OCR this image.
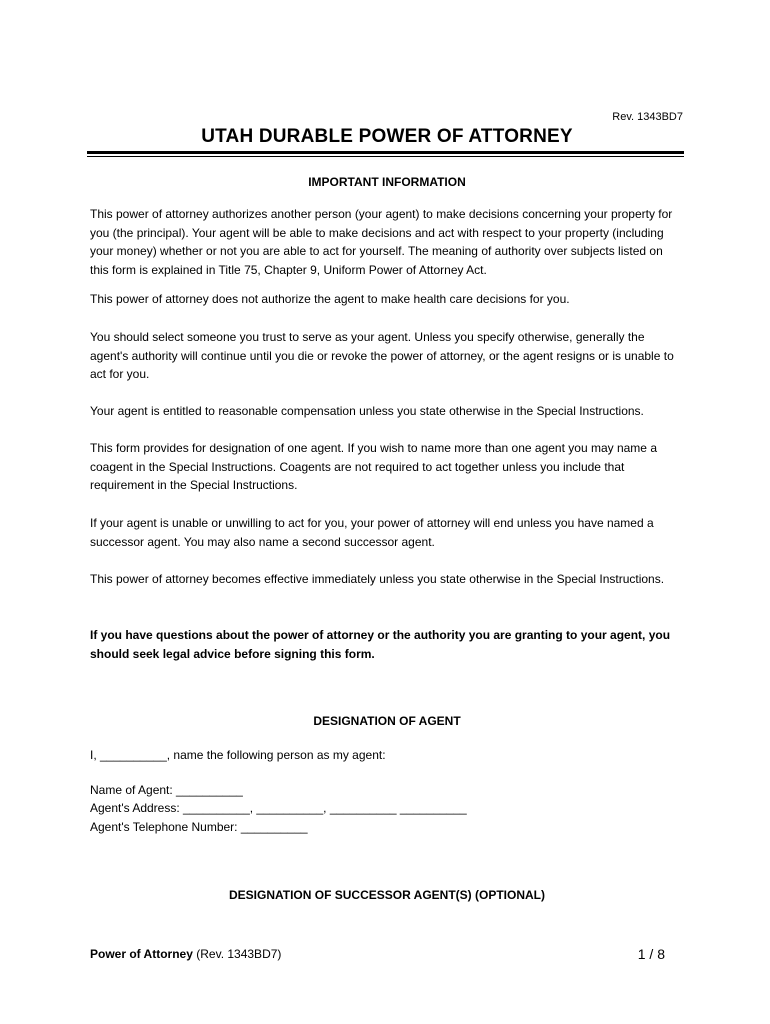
Rev. 1343BD7
UTAH DURABLE POWER OF ATTORNEY
IMPORTANT INFORMATION
This power of attorney authorizes another person (your agent) to make decisions concerning your property for you (the principal). Your agent will be able to make decisions and act with respect to your property (including your money) whether or not you are able to act for yourself. The meaning of authority over subjects listed on this form is explained in Title 75, Chapter 9, Uniform Power of Attorney Act.
This power of attorney does not authorize the agent to make health care decisions for you.
You should select someone you trust to serve as your agent. Unless you specify otherwise, generally the agent's authority will continue until you die or revoke the power of attorney, or the agent resigns or is unable to act for you.
Your agent is entitled to reasonable compensation unless you state otherwise in the Special Instructions.
This form provides for designation of one agent. If you wish to name more than one agent you may name a coagent in the Special Instructions. Coagents are not required to act together unless you include that requirement in the Special Instructions.
If your agent is unable or unwilling to act for you, your power of attorney will end unless you have named a successor agent. You may also name a second successor agent.
This power of attorney becomes effective immediately unless you state otherwise in the Special Instructions.
If you have questions about the power of attorney or the authority you are granting to your agent, you should seek legal advice before signing this form.
DESIGNATION OF AGENT
I, __________, name the following person as my agent:
Name of Agent: __________
Agent's Address: __________, __________, __________ __________
Agent's Telephone Number: __________
DESIGNATION OF SUCCESSOR AGENT(S) (OPTIONAL)
Power of Attorney (Rev. 1343BD7)	1 / 8
